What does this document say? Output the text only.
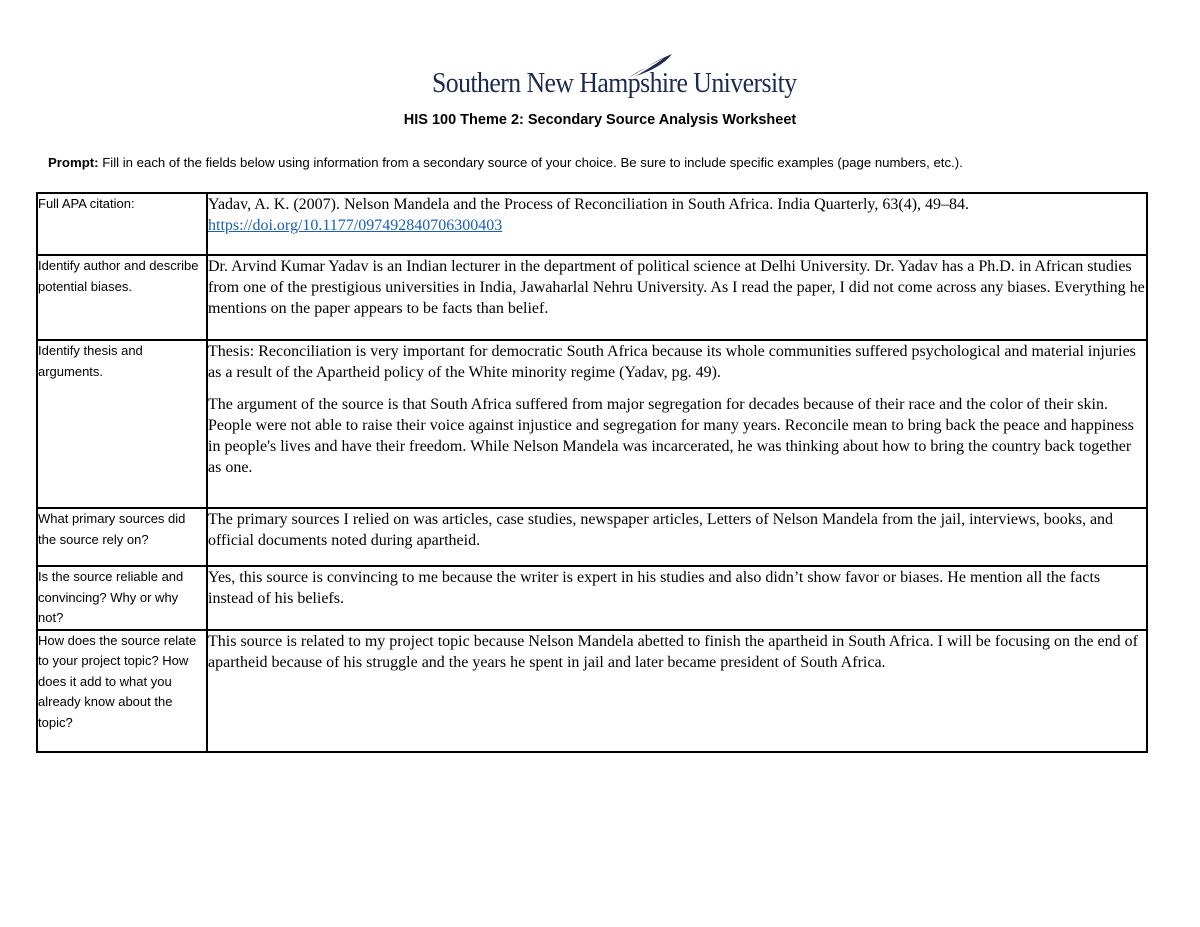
Southern New Hampshire University
HIS 100 Theme 2: Secondary Source Analysis Worksheet
Prompt: Fill in each of the fields below using information from a secondary source of your choice. Be sure to include specific examples (page numbers, etc.).
Full APA citation:	Yadav, A. K. (2007). Nelson Mandela and the Process of Reconciliation in South Africa. India Quarterly, 63(4), 49–84.
https://doi.org/10.1177/097492840706300403

Identify author and describe potential biases.	Dr. Arvind Kumar Yadav is an Indian lecturer in the department of political science at Delhi University. Dr. Yadav has a Ph.D. in African studies from one of the prestigious universities in India, Jawaharlal Nehru University. As I read the paper, I did not come across any biases. Everything he mentions on the paper appears to be facts than belief.

Identify thesis and arguments.	Thesis: Reconciliation is very important for democratic South Africa because its whole communities suffered psychological and material injuries as a result of the Apartheid policy of the White minority regime (Yadav, pg. 49).

The argument of the source is that South Africa suffered from major segregation for decades because of their race and the color of their skin. People were not able to raise their voice against injustice and segregation for many years. Reconcile mean to bring back the peace and happiness in people's lives and have their freedom. While Nelson Mandela was incarcerated, he was thinking about how to bring the country back together as one.

What primary sources did the source rely on?	The primary sources I relied on was articles, case studies, newspaper articles, Letters of Nelson Mandela from the jail, interviews, books, and official documents noted during apartheid.

Is the source reliable and convincing? Why or why not?	Yes, this source is convincing to me because the writer is expert in his studies and also didn’t show favor or biases. He mention all the facts instead of his beliefs.

How does the source relate to your project topic? How does it add to what you already know about the topic?	This source is related to my project topic because Nelson Mandela abetted to finish the apartheid in South Africa. I will be focusing on the end of apartheid because of his struggle and the years he spent in jail and later became president of South Africa.
